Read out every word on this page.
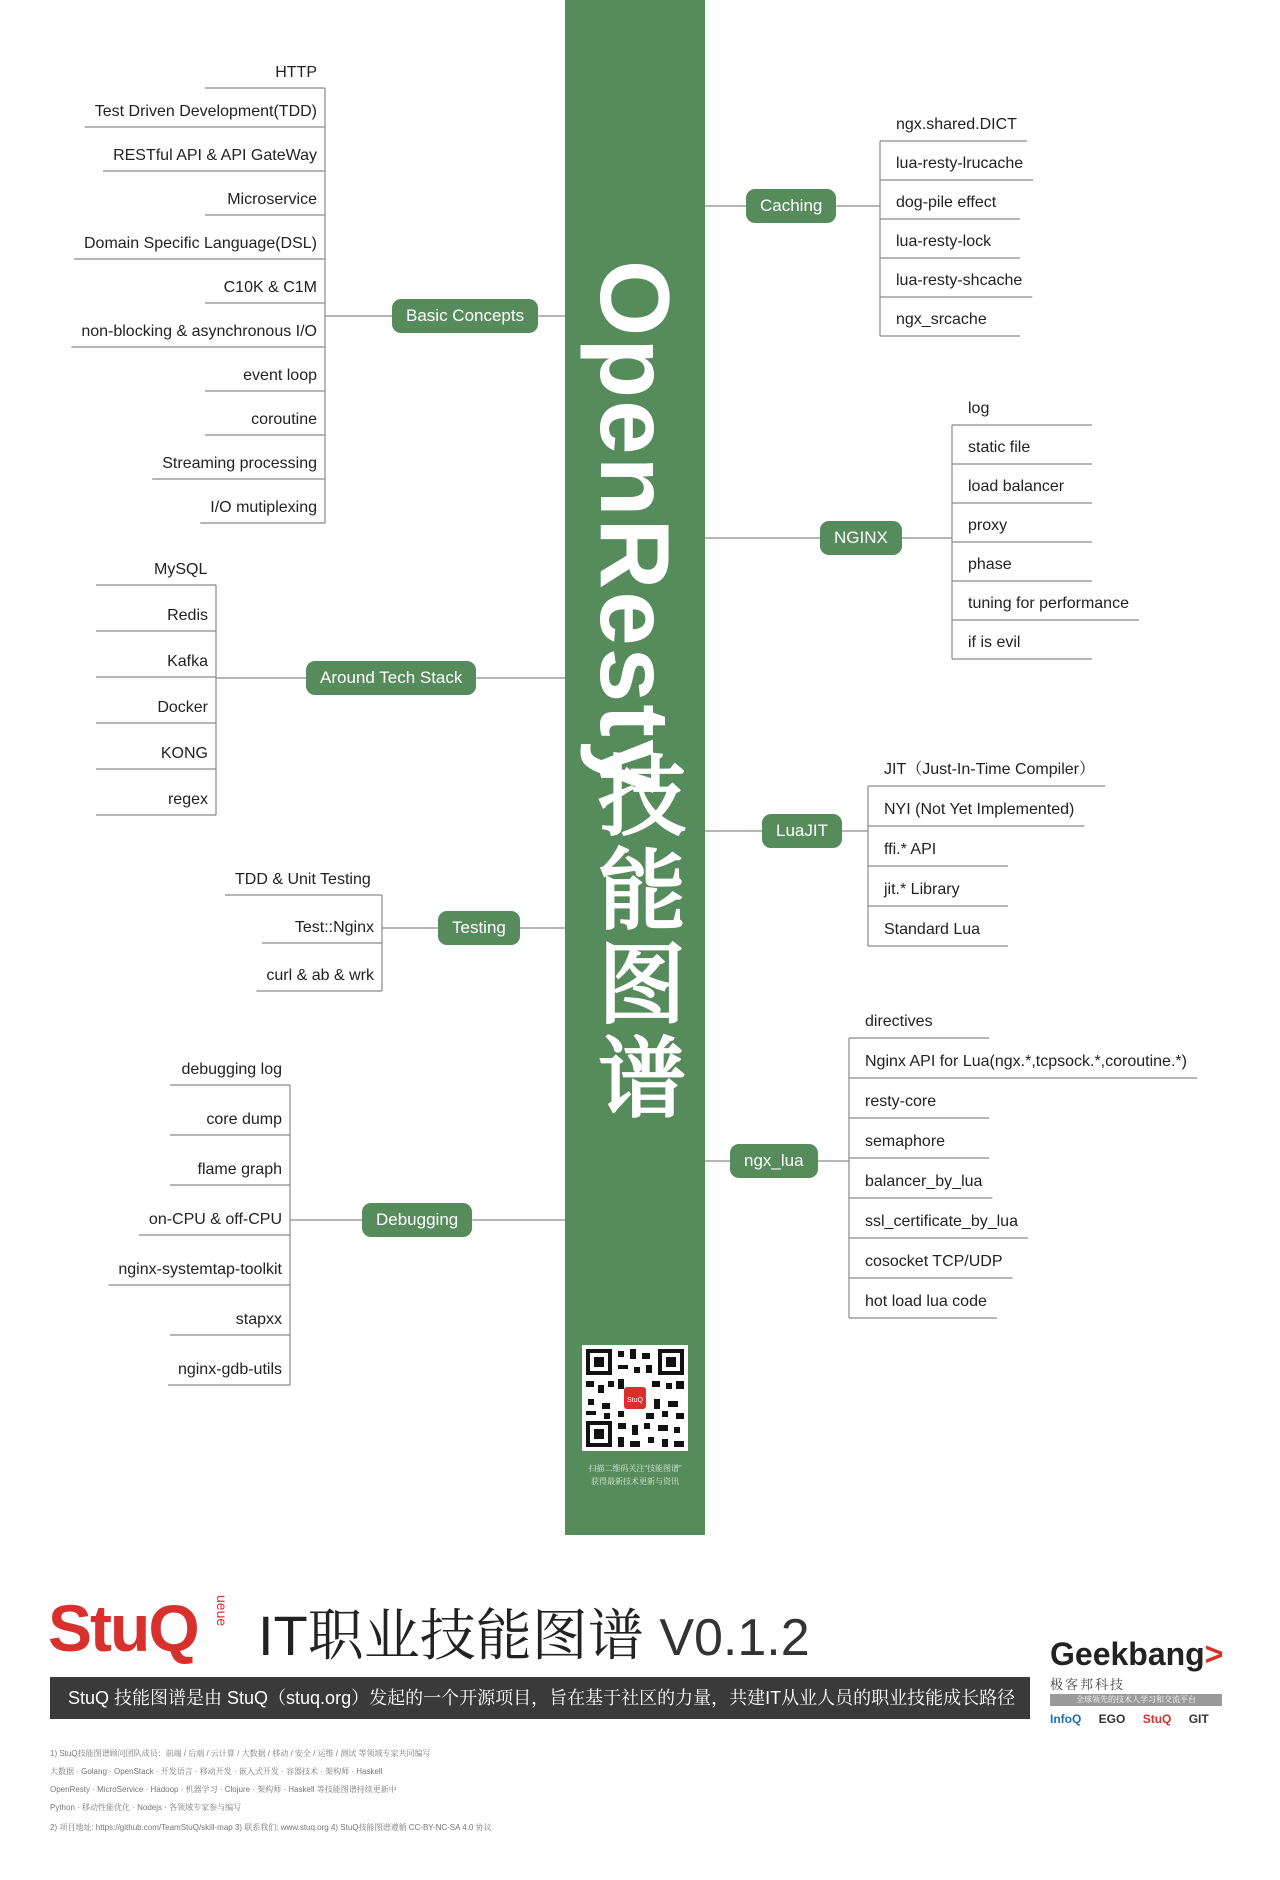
OpenResty
技能图谱
StuQ
扫描二维码关注“技能图谱”
获得最新技术更新与资讯
Basic Concepts
HTTP
Test Driven Development(TDD)
RESTful API & API GateWay
Microservice
Domain Specific Language(DSL)
C10K & C1M
non-blocking & asynchronous I/O
event loop
coroutine
Streaming processing
I/O mutiplexing
Around Tech Stack
MySQL
Redis
Kafka
Docker
KONG
regex
Testing
TDD & Unit Testing
Test::Nginx
curl & ab & wrk
Debugging
debugging log
core dump
flame graph
on-CPU & off-CPU
nginx-systemtap-toolkit
stapxx
nginx-gdb-utils
Caching
ngx.shared.DICT
lua-resty-lrucache
dog-pile effect
lua-resty-lock
lua-resty-shcache
ngx_srcache
NGINX
log
static file
load balancer
proxy
phase
tuning for performance
if is evil
LuaJIT
JIT（Just-In-Time Compiler）
NYI (Not Yet Implemented)
ffi.* API
jit.* Library
Standard Lua
ngx_lua
directives
Nginx API for Lua(ngx.*,tcpsock.*,coroutine.*)
resty-core
semaphore
balancer_by_lua
ssl_certificate_by_lua
cosocket TCP/UDP
hot load lua code
StuQ ueue IT职业技能图谱 V0.1.2
StuQ 技能图谱是由 StuQ（stuq.org）发起的一个开源项目，旨在基于社区的力量，共建IT从业人员的职业技能成长路径
Geekbang>
极客邦科技
全球领先的技术人学习和交流平台
InfoQ EGO StuQ GIT
1) StuQ技能图谱顾问团队成员：前端 / 后端 / 云计算 / 大数据 / 移动 / 安全 / 运维 / 测试 等领域专家共同编写
大数据 · Golang · OpenStack · 开发语言 · 移动开发 · 嵌入式开发 · 容器技术 · 架构师 · Haskell
OpenResty · MicroService · Hadoop · 机器学习 · Clojure · 架构师 · Haskell 等技能图谱持续更新中
Python · 移动性能优化 · Nodejs · 各领域专家参与编写
2) 项目地址: https://github.com/TeamStuQ/skill-map 3) 联系我们: www.stuq.org 4) StuQ技能图谱遵循 CC-BY-NC-SA 4.0 协议
